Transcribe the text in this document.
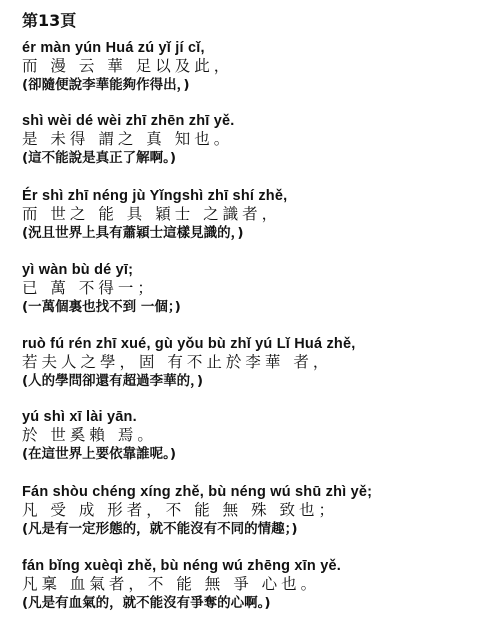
第13頁
ér màn yún Huá zú yǐ jí cǐ,
而 漫 云 華 足以及此，
(卻隨便說李華能夠作得出，)
shì wèi dé wèi zhī zhēn zhī yě.
是 未得 謂之 真 知也。
(這不能說是真正了解啊。)
Ér shì zhī néng jù Yǐngshì zhī shí zhě,
而 世之 能 具 穎士 之識者，
(況且世界上具有蕭穎士這樣見識的，)
yì wàn bù dé yī;
已 萬 不得一；
(一萬個裏也找不到 一個；)
ruò fú rén zhī xué, gù yǒu bù zhǐ yú Lǐ Huá zhě,
若夫人之學，固 有不止於李華 者，
(人的學問卻還有超過李華的，)
yú shì xī lài yān.
於 世奚賴 焉。
(在這世界上要依靠誰呢。)
Fán shòu chéng xíng zhě, bù néng wú shū zhì yě;
凡 受 成 形者，不 能 無 殊 致也；
(凡是有一定形態的，就不能沒有不同的情趣；)
fán bǐng xuèqì zhě, bù néng wú zhēng xīn yě.
凡稟 血氣者，不 能 無 爭 心也。
(凡是有血氣的，就不能沒有爭奪的心啊。)
